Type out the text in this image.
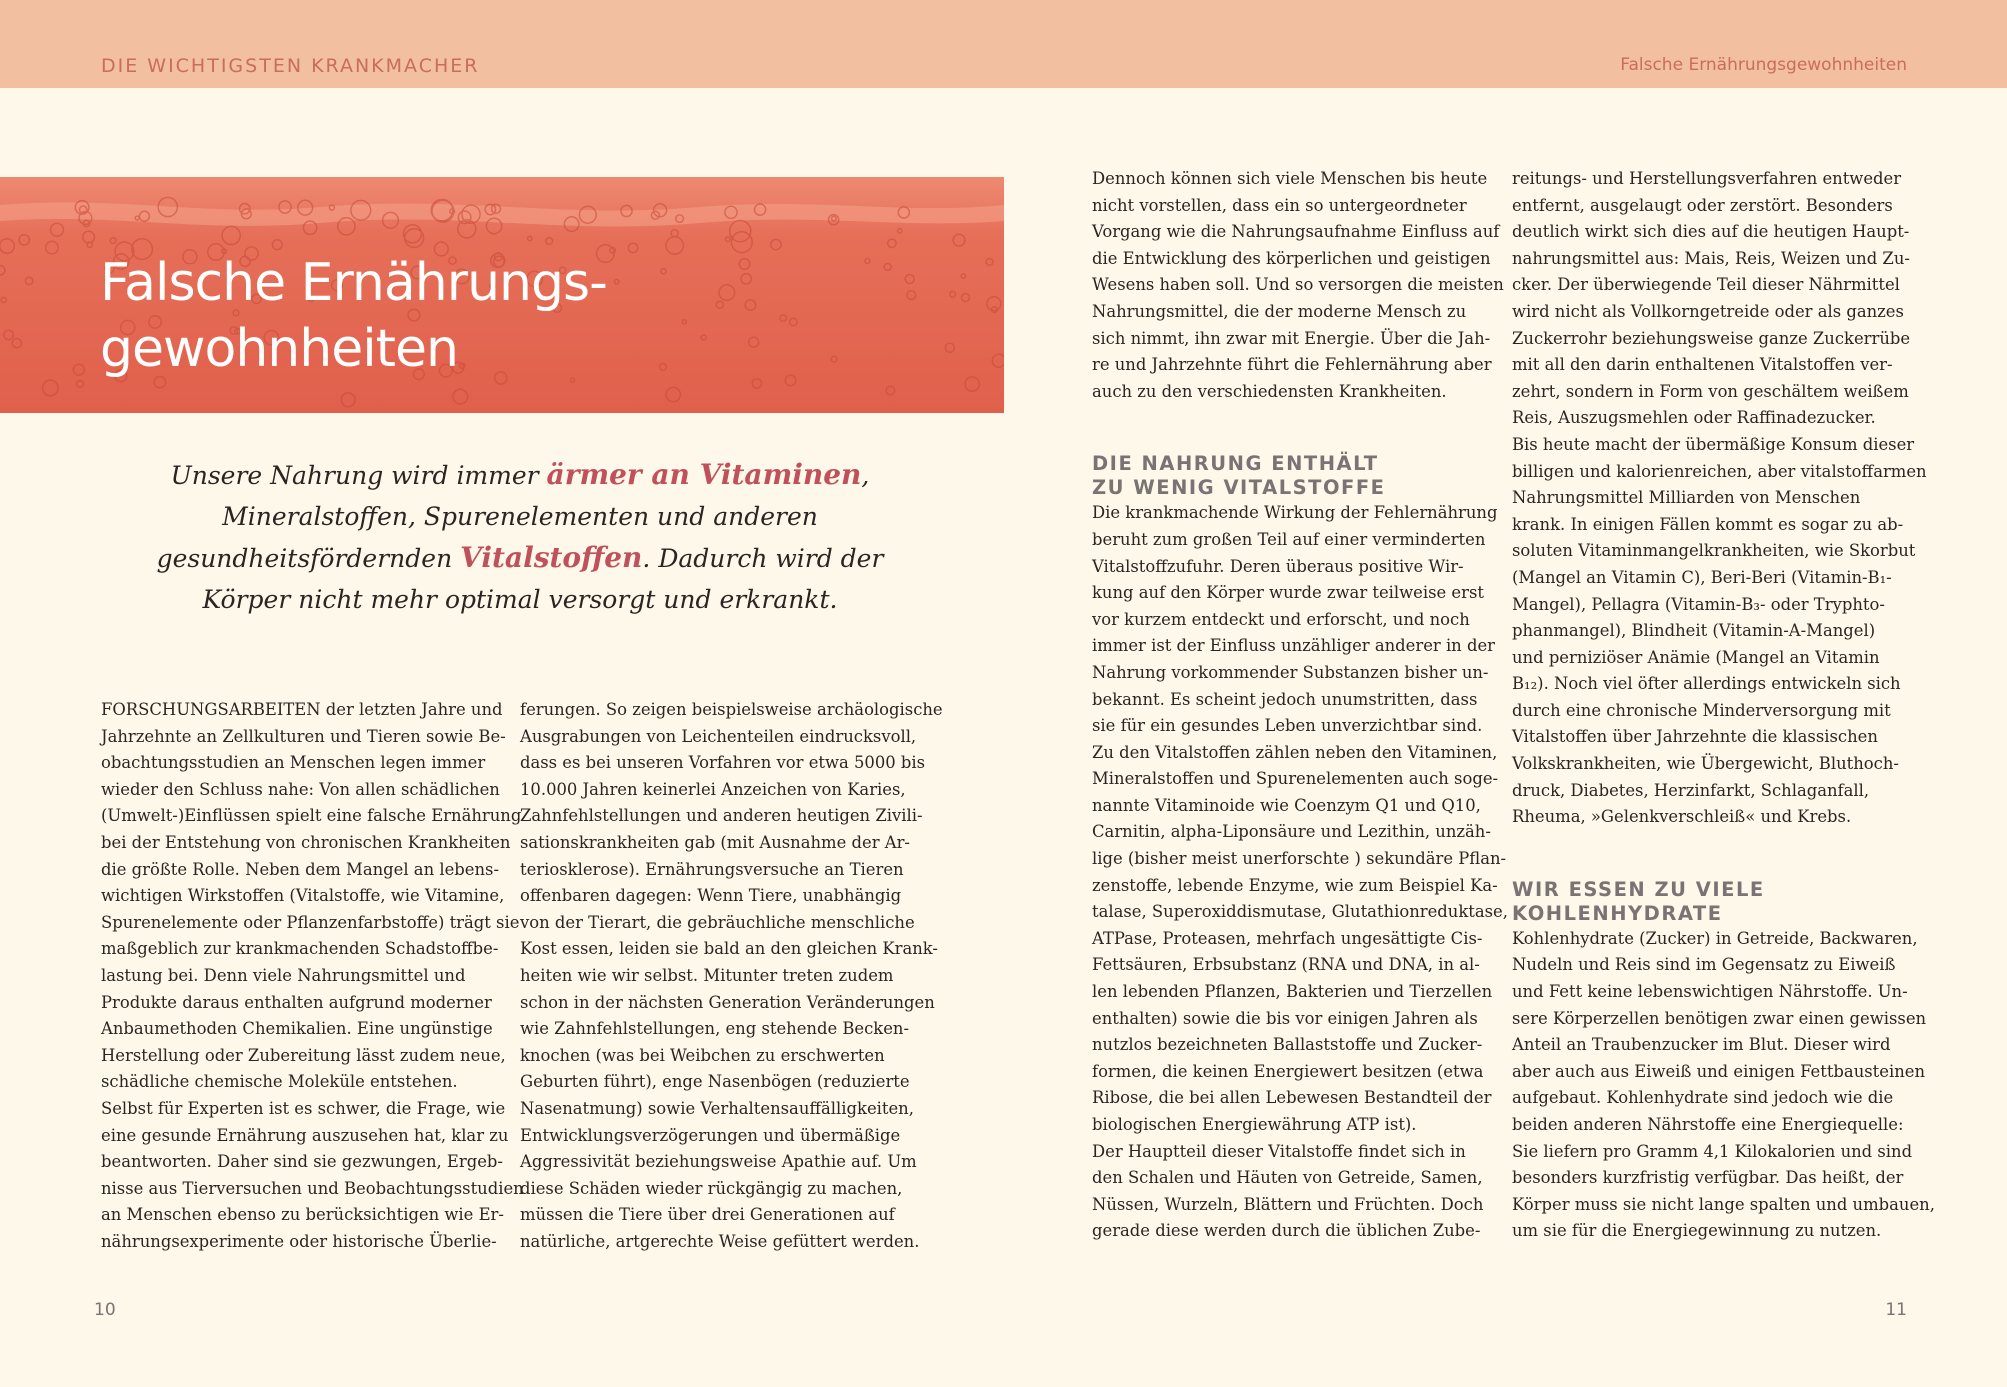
DIE WICHTIGSTEN KRANKMACHER	Falsche Ernährungsgewohnheiten
Falsche Ernährungs-
gewohnheiten
Unsere Nahrung wird immer ärmer an Vitaminen, Mineralstoffen, Spurenelementen und anderen gesundheitsfördernden Vitalstoffen. Dadurch wird der Körper nicht mehr optimal versorgt und erkrankt.
FORSCHUNGSARBEITEN der letzten Jahre und
Jahrzehnte an Zellkulturen und Tieren sowie Be-
obachtungsstudien an Menschen legen immer
wieder den Schluss nahe: Von allen schädlichen
(Umwelt-)Einflüssen spielt eine falsche Ernährung
bei der Entstehung von chronischen Krankheiten
die größte Rolle. Neben dem Mangel an lebens-
wichtigen Wirkstoffen (Vitalstoffe, wie Vitamine,
Spurenelemente oder Pflanzenfarbstoffe) trägt sie
maßgeblich zur krankmachenden Schadstoffbe-
lastung bei. Denn viele Nahrungsmittel und
Produkte daraus enthalten aufgrund moderner
Anbaumethoden Chemikalien. Eine ungünstige
Herstellung oder Zubereitung lässt zudem neue,
schädliche chemische Moleküle entstehen.
Selbst für Experten ist es schwer, die Frage, wie
eine gesunde Ernährung auszusehen hat, klar zu
beantworten. Daher sind sie gezwungen, Ergeb-
nisse aus Tierversuchen und Beobachtungsstudien
an Menschen ebenso zu berücksichtigen wie Er-
nährungsexperimente oder historische Überlie-
ferungen. So zeigen beispielsweise archäologische
Ausgrabungen von Leichenteilen eindrucksvoll,
dass es bei unseren Vorfahren vor etwa 5000 bis
10.000 Jahren keinerlei Anzeichen von Karies,
Zahnfehlstellungen und anderen heutigen Zivili-
sationskrankheiten gab (mit Ausnahme der Ar-
teriosklerose). Ernährungsversuche an Tieren
offenbaren dagegen: Wenn Tiere, unabhängig
von der Tierart, die gebräuchliche menschliche
Kost essen, leiden sie bald an den gleichen Krank-
heiten wie wir selbst. Mitunter treten zudem
schon in der nächsten Generation Veränderungen
wie Zahnfehlstellungen, eng stehende Becken-
knochen (was bei Weibchen zu erschwerten
Geburten führt), enge Nasenbögen (reduzierte
Nasenatmung) sowie Verhaltensauffälligkeiten,
Entwicklungsverzögerungen und übermäßige
Aggressivität beziehungsweise Apathie auf. Um
diese Schäden wieder rückgängig zu machen,
müssen die Tiere über drei Generationen auf
natürliche, artgerechte Weise gefüttert werden.
Dennoch können sich viele Menschen bis heute
nicht vorstellen, dass ein so untergeordneter
Vorgang wie die Nahrungsaufnahme Einfluss auf
die Entwicklung des körperlichen und geistigen
Wesens haben soll. Und so versorgen die meisten
Nahrungsmittel, die der moderne Mensch zu
sich nimmt, ihn zwar mit Energie. Über die Jah-
re und Jahrzehnte führt die Fehlernährung aber
auch zu den verschiedensten Krankheiten.
DIE NAHRUNG ENTHÄLT
ZU WENIG VITALSTOFFE
Die krankmachende Wirkung der Fehlernährung
beruht zum großen Teil auf einer verminderten
Vitalstoffzufuhr. Deren überaus positive Wir-
kung auf den Körper wurde zwar teilweise erst
vor kurzem entdeckt und erforscht, und noch
immer ist der Einfluss unzähliger anderer in der
Nahrung vorkommender Substanzen bisher un-
bekannt. Es scheint jedoch unumstritten, dass
sie für ein gesundes Leben unverzichtbar sind.
Zu den Vitalstoffen zählen neben den Vitaminen,
Mineralstoffen und Spurenelementen auch soge-
nannte Vitaminoide wie Coenzym Q1 und Q10,
Carnitin, alpha-Liponsäure und Lezithin, unzäh-
lige (bisher meist unerforschte ) sekundäre Pflan-
zenstoffe, lebende Enzyme, wie zum Beispiel Ka-
talase, Superoxiddismutase, Glutathionreduktase,
ATPase, Proteasen, mehrfach ungesättigte Cis-
Fettsäuren, Erbsubstanz (RNA und DNA, in al-
len lebenden Pflanzen, Bakterien und Tierzellen
enthalten) sowie die bis vor einigen Jahren als
nutzlos bezeichneten Ballaststoffe und Zucker-
formen, die keinen Energiewert besitzen (etwa
Ribose, die bei allen Lebewesen Bestandteil der
biologischen Energiewährung ATP ist).
Der Hauptteil dieser Vitalstoffe findet sich in
den Schalen und Häuten von Getreide, Samen,
Nüssen, Wurzeln, Blättern und Früchten. Doch
gerade diese werden durch die üblichen Zube-
reitungs- und Herstellungsverfahren entweder
entfernt, ausgelaugt oder zerstört. Besonders
deutlich wirkt sich dies auf die heutigen Haupt-
nahrungsmittel aus: Mais, Reis, Weizen und Zu-
cker. Der überwiegende Teil dieser Nährmittel
wird nicht als Vollkorngetreide oder als ganzes
Zuckerrohr beziehungsweise ganze Zuckerrübe
mit all den darin enthaltenen Vitalstoffen ver-
zehrt, sondern in Form von geschältem weißem
Reis, Auszugsmehlen oder Raffinadezucker.
Bis heute macht der übermäßige Konsum dieser
billigen und kalorienreichen, aber vitalstoffarmen
Nahrungsmittel Milliarden von Menschen
krank. In einigen Fällen kommt es sogar zu ab-
soluten Vitaminmangelkrankheiten, wie Skorbut
(Mangel an Vitamin C), Beri-Beri (Vitamin-B₁-
Mangel), Pellagra (Vitamin-B₃- oder Tryphto-
phanmangel), Blindheit (Vitamin-A-Mangel)
und perniziöser Anämie (Mangel an Vitamin
B₁₂). Noch viel öfter allerdings entwickeln sich
durch eine chronische Minderversorgung mit
Vitalstoffen über Jahrzehnte die klassischen
Volkskrankheiten, wie Übergewicht, Bluthoch-
druck, Diabetes, Herzinfarkt, Schlaganfall,
Rheuma, »Gelenkverschleiß« und Krebs.
WIR ESSEN ZU VIELE
KOHLENHYDRATE
Kohlenhydrate (Zucker) in Getreide, Backwaren,
Nudeln und Reis sind im Gegensatz zu Eiweiß
und Fett keine lebenswichtigen Nährstoffe. Un-
sere Körperzellen benötigen zwar einen gewissen
Anteil an Traubenzucker im Blut. Dieser wird
aber auch aus Eiweiß und einigen Fettbausteinen
aufgebaut. Kohlenhydrate sind jedoch wie die
beiden anderen Nährstoffe eine Energiequelle:
Sie liefern pro Gramm 4,1 Kilokalorien und sind
besonders kurzfristig verfügbar. Das heißt, der
Körper muss sie nicht lange spalten und umbauen,
um sie für die Energiegewinnung zu nutzen.
10	11
